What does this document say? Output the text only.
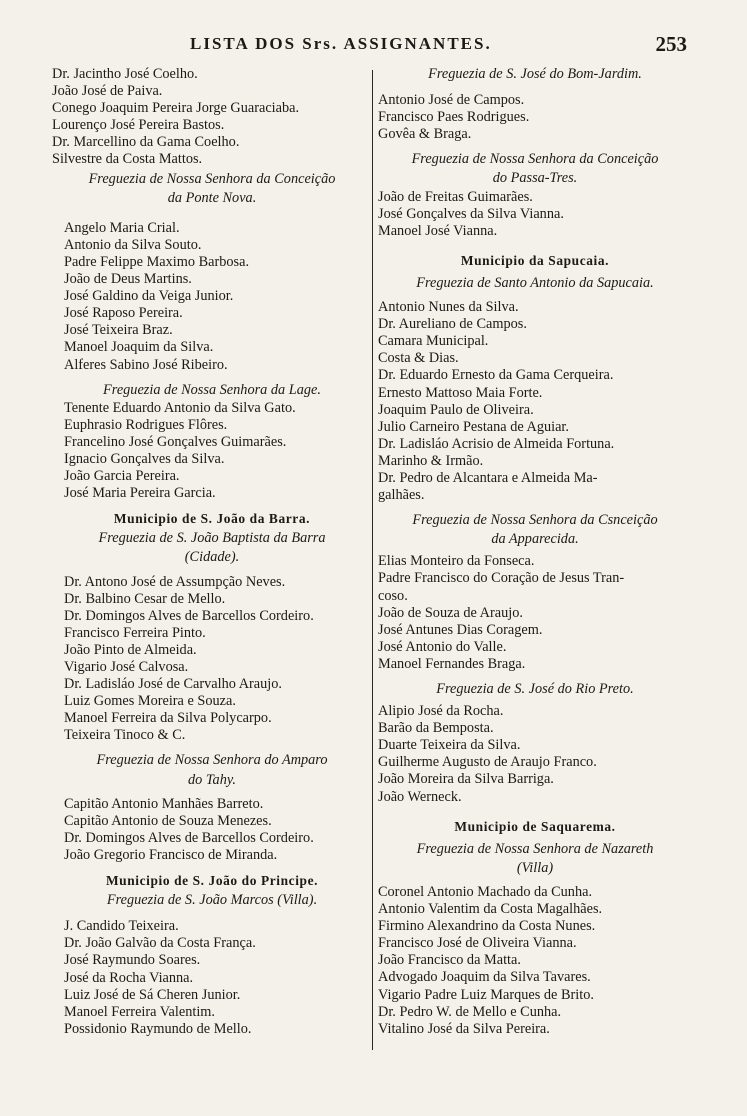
LISTA DOS Srs. ASSIGNANTES.	253
Dr. Jacintho José Coelho.
João José de Paiva.
Conego Joaquim Pereira Jorge Guaraciaba.
Lourenço José Pereira Bastos.
Dr. Marcellino da Gama Coelho.
Silvestre da Costa Mattos.
Freguezia de Nossa Senhora da Conceição
da Ponte Nova.
Angelo Maria Crial.
Antonio da Silva Souto.
Padre Felippe Maximo Barbosa.
João de Deus Martins.
José Galdino da Veiga Junior.
José Raposo Pereira.
José Teixeira Braz.
Manoel Joaquim da Silva.
Alferes Sabino José Ribeiro.
Freguezia de Nossa Senhora da Lage.
Tenente Eduardo Antonio da Silva Gato.
Euphrasio Rodrigues Flôres.
Francelino José Gonçalves Guimarães.
Ignacio Gonçalves da Silva.
João Garcia Pereira.
José Maria Pereira Garcia.
Municipio de S. João da Barra.
Freguezia de S. João Baptista da Barra
(Cidade).
Dr. Antono José de Assumpção Neves.
Dr. Balbino Cesar de Mello.
Dr. Domingos Alves de Barcellos Cordeiro.
Francisco Ferreira Pinto.
João Pinto de Almeida.
Vigario José Calvosa.
Dr. Ladisláo José de Carvalho Araujo.
Luiz Gomes Moreira e Souza.
Manoel Ferreira da Silva Polycarpo.
Teixeira Tinoco & C.
Freguezia de Nossa Senhora do Amparo
do Tahy.
Capitão Antonio Manhães Barreto.
Capitão Antonio de Souza Menezes.
Dr. Domingos Alves de Barcellos Cordeiro.
João Gregorio Francisco de Miranda.
Municipio de S. João do Principe.
Freguezia de S. João Marcos (Villa).
J. Candido Teixeira.
Dr. João Galvão da Costa França.
José Raymundo Soares.
José da Rocha Vianna.
Luiz José de Sá Cheren Junior.
Manoel Ferreira Valentim.
Possidonio Raymundo de Mello.
Freguezia de S. José do Bom-Jardim.
Antonio José de Campos.
Francisco Paes Rodrigues.
Govêa & Braga.
Freguezia de Nossa Senhora da Conceição
do Passa-Tres.
João de Freitas Guimarães.
José Gonçalves da Silva Vianna.
Manoel José Vianna.
Municipio da Sapucaia.
Freguezia de Santo Antonio da Sapucaia.
Antonio Nunes da Silva.
Dr. Aureliano de Campos.
Camara Municipal.
Costa & Dias.
Dr. Eduardo Ernesto da Gama Cerqueira.
Ernesto Mattoso Maia Forte.
Joaquim Paulo de Oliveira.
Julio Carneiro Pestana de Aguiar.
Dr. Ladisláo Acrisio de Almeida Fortuna.
Marinho & Irmão.
Dr. Pedro de Alcantara e Almeida Ma-
galhães.
Freguezia de Nossa Senhora da Csnceição
da Apparecida.
Elias Monteiro da Fonseca.
Padre Francisco do Coração de Jesus Tran-
coso.
João de Souza de Araujo.
José Antunes Dias Coragem.
José Antonio do Valle.
Manoel Fernandes Braga.
Freguezia de S. José do Rio Preto.
Alipio José da Rocha.
Barão da Bemposta.
Duarte Teixeira da Silva.
Guilherme Augusto de Araujo Franco.
João Moreira da Silva Barriga.
João Werneck.
Municipio de Saquarema.
Freguezia de Nossa Senhora de Nazareth
(Villa)
Coronel Antonio Machado da Cunha.
Antonio Valentim da Costa Magalhães.
Firmino Alexandrino da Costa Nunes.
Francisco José de Oliveira Vianna.
João Francisco da Matta.
Advogado Joaquim da Silva Tavares.
Vigario Padre Luiz Marques de Brito.
Dr. Pedro W. de Mello e Cunha.
Vitalino José da Silva Pereira.
